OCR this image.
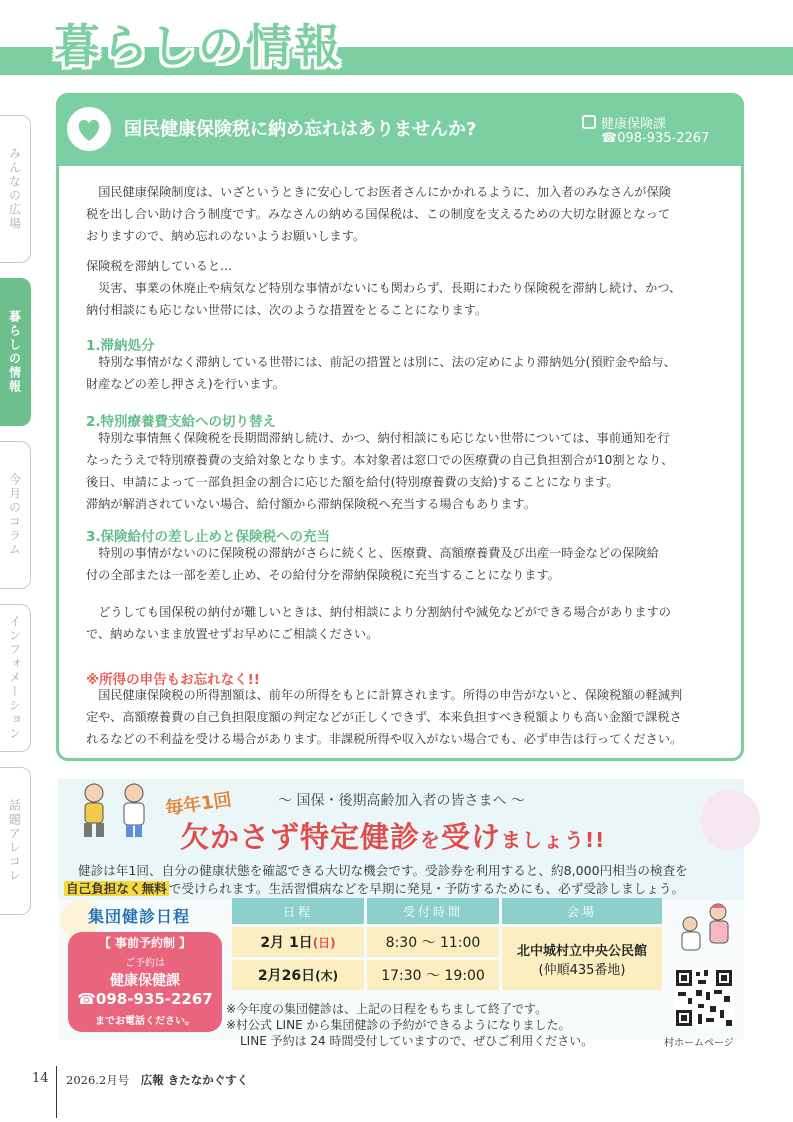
暮らしの情報
みんなの広場
暮らしの情報
今月のコラム
インフォメーション
話題アレコレ
国民健康保険税に納め忘れはありませんか?	健康保険課
☎098-935-2267
国民健康保険制度は、いざというときに安心してお医者さんにかかれるように、加入者のみなさんが保険
税を出し合い助け合う制度です。みなさんの納める国保税は、この制度を支えるための大切な財源となって
おりますので、納め忘れのないようお願いします。
保険税を滞納していると…
災害、事業の休廃止や病気など特別な事情がないにも関わらず、長期にわたり保険税を滞納し続け、かつ、
納付相談にも応じない世帯には、次のような措置をとることになります。
1.滞納処分
特別な事情がなく滞納している世帯には、前記の措置とは別に、法の定めにより滞納処分(預貯金や給与、
財産などの差し押さえ)を行います。
2.特別療養費支給への切り替え
特別な事情無く保険税を長期間滞納し続け、かつ、納付相談にも応じない世帯については、事前通知を行
なったうえで特別療養費の支給対象となります。本対象者は窓口での医療費の自己負担割合が10割となり、
後日、申請によって一部負担金の割合に応じた額を給付(特別療養費の支給)することになります。
滞納が解消されていない場合、給付額から滞納保険税へ充当する場合もあります。
3.保険給付の差し止めと保険税への充当
特別の事情がないのに保険税の滞納がさらに続くと、医療費、高額療養費及び出産一時金などの保険給
付の全部または一部を差し止め、その給付分を滞納保険税に充当することになります。
どうしても国保税の納付が難しいときは、納付相談により分割納付や減免などができる場合がありますの
で、納めないまま放置せずお早めにご相談ください。
※所得の申告もお忘れなく!!
国民健康保険税の所得割額は、前年の所得をもとに計算されます。所得の申告がないと、保険税額の軽減判
定や、高額療養費の自己負担限度額の判定などが正しくできず、本来負担すべき税額よりも高い金額で課税さ
れるなどの不利益を受ける場合があります。非課税所得や収入がない場合でも、必ず申告は行ってください。
毎年1回	〜 国保・後期高齢加入者の皆さまへ 〜
欠かさず特定健診を受けましょう!!
健診は年1回、自分の健康状態を確認できる大切な機会です。受診券を利用すると、約8,000円相当の検査を
自己負担なく無料 で受けられます。生活習慣病などを早期に発見・予防するためにも、必ず受診しましょう。
集団健診日程
【 事前予約制 】
ご予約は
健康保健課
☎098-935-2267
までお電話ください。
日程	受付時間	会場
2月 1日 (日)	8:30 〜 11:00
2月26日 (木)	17:30 〜 19:00
北中城村立中央公民館
(仲順435番地)
※今年度の集団健診は、上記の日程をもちまして終了です。
※村公式 LINE から集団健診の予約ができるようになりました。
LINE 予約は 24 時間受付していますので、ぜひご利用ください。	村ホームページ
14 2026.2月号　 広報 きたなかぐすく
